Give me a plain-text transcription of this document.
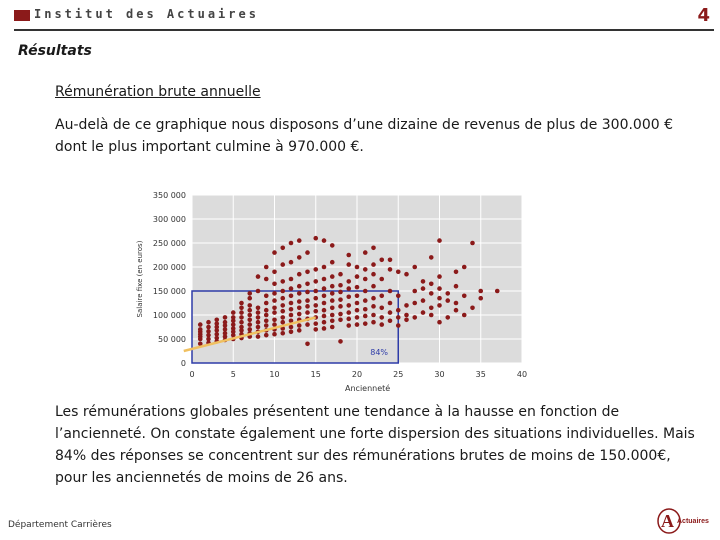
Institut des Actuaires	4
Résultats
Rémunération brute annuelle
Au-delà de ce graphique nous disposons d’une dizaine de revenus de plus de 300.000 € dont le plus important culmine à 970.000 €.
0
50 000
100 000
150 000
200 000
250 000
300 000
350 000
0	5	10	15	20	25	30	35	40
84%
Salaire fixe (en euros)
Ancienneté
Les rémunérations globales présentent une tendance à la hausse en fonction de l’ancienneté. On constate également une forte dispersion des situations individuelles. Mais 84% des réponses se concentrent sur des rémunérations brutes de moins de 150.000€, pour les anciennetés de moins de 26 ans.
Département Carrières	A Actuaires
